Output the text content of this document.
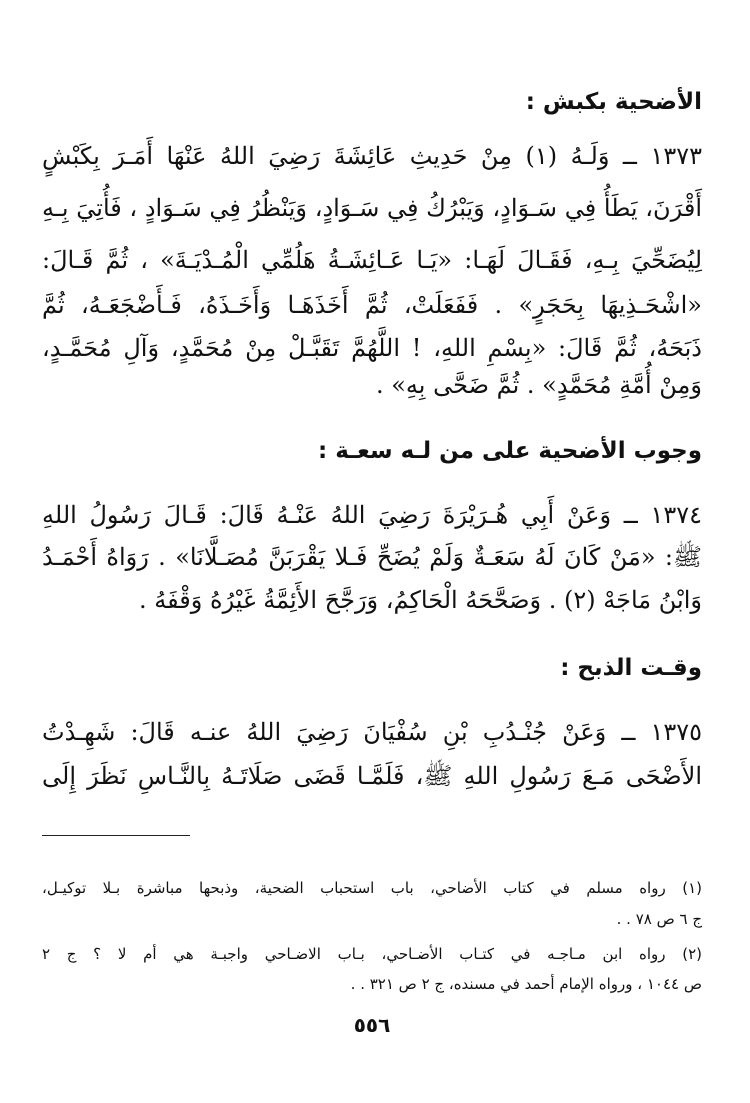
الأضحية بكبش :
١٣٧٣ ــ وَلَـهُ (١) مِنْ حَدِيثِ عَائِشَةَ رَضِيَ اللهُ عَنْهَا أَمَـرَ بِكَبْشٍ
أَقْرَنَ، يَطَأُ فِي سَـوَادٍ، وَيَبْرُكُ فِي سَـوَادٍ، وَيَنْظُرُ فِي سَـوَادٍ ، فَأُتِيَ بِـهِ
لِيُضَحِّيَ بِـهِ، فَقَـالَ لَهَـا: «يَـا عَـائِشَـةُ هَلُمِّي الْمُـدْيَـةَ» ، ثُمَّ قَـالَ:
«اشْحَـذِيهَا بِحَجَرٍ» . فَفَعَلَتْ، ثُمَّ أَخَذَهَـا وَأَخَـذَهُ، فَـأَضْجَعَـهُ، ثُمَّ
ذَبَحَهُ، ثُمَّ قَالَ: «بِسْمِ اللهِ، ! اللَّهُمَّ تَقَبَّـلْ مِنْ مُحَمَّدٍ، وَآلِ مُحَمَّـدٍ،
وَمِنْ أُمَّةِ مُحَمَّدٍ» . ثُمَّ ضَحَّى بِهِ» .
وجوب الأضحية على من لـه سعـة :
١٣٧٤ ــ وَعَنْ أَبِي هُـرَيْرَةَ رَضِيَ اللهُ عَنْـهُ قَالَ: قَـالَ رَسُولُ اللهِ
ﷺ: «مَنْ كَانَ لَهُ سَعَـةٌ وَلَمْ يُضَحِّ فَـلا يَقْرَبَنَّ مُصَـلَّانَا» . رَوَاهُ أَحْمَـدُ
وَابْنُ مَاجَهْ (٢) . وَصَحَّحَهُ الْحَاكِمُ، وَرَجَّحَ الأَئِمَّةُ غَيْرُهُ وَقْفَهُ .
وقـت الذبح :
١٣٧٥ ــ وَعَنْ جُنْـدُبِ بْنِ سُفْيَانَ رَضِيَ اللهُ عنـه قَالَ: شَهِـدْتُ
الأَضْحَى مَـعَ رَسُولِ اللهِ ﷺ، فَلَمَّـا قَضَى صَلَاتَـهُ بِالنَّـاسِ نَظَرَ إِلَى
(١) رواه مسلم في كتاب الأضاحي، باب استحباب الضحية، وذبحها مباشرة بـلا توكيـل،
ج ٦ ص ٧٨ . .
(٢) رواه ابن مـاجـه في كتـاب الأضـاحي، بـاب الاضـاحي واجبـة هي أم لا ؟ ج ٢
ص ١٠٤٤ ، ورواه الإمام أحمد في مسنده، ج ٢ ص ٣٢١ . .
٥٥٦
